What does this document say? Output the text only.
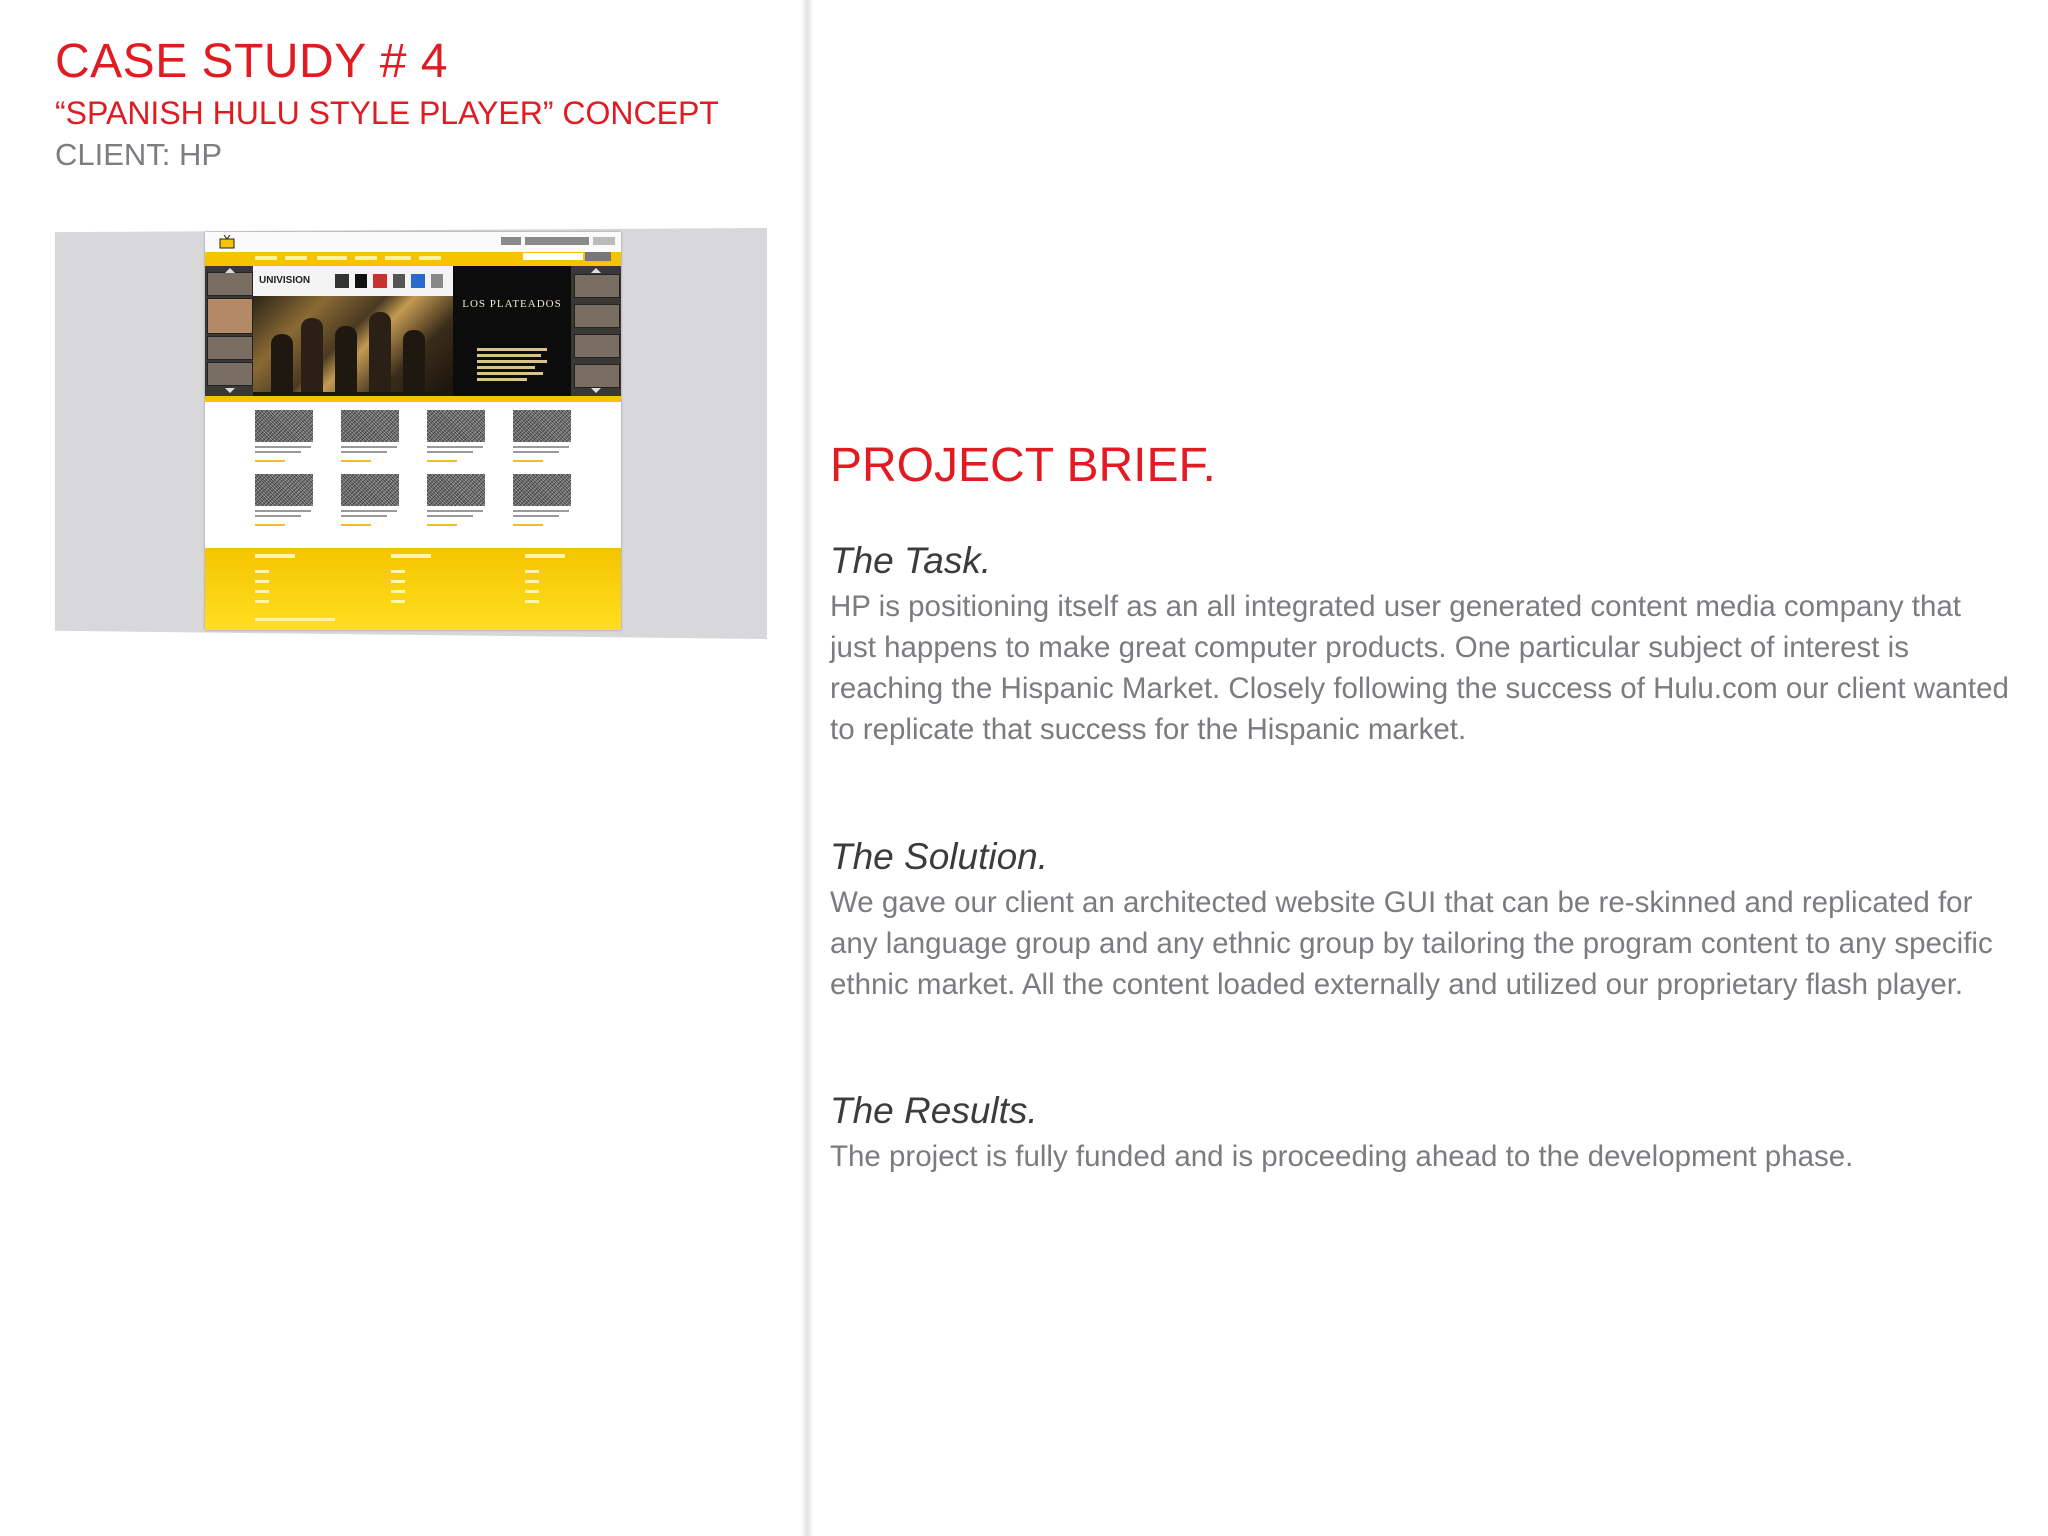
CASE STUDY # 4
“SPANISH HULU STYLE PLAYER” CONCEPT
CLIENT: HP
UNIVISION
LOS PLATEADOS
PROJECT BRIEF.
The Task.
HP is positioning itself as an all integrated user generated content media company that just happens to make great computer products. One particular subject of interest is reaching the Hispanic Market. Closely following the success of Hulu.com our client wanted to replicate that success for the Hispanic market.
The Solution.
We gave our client an architected website GUI that can be re-skinned and replicated for any language group and any ethnic group by tailoring the program content to any specific ethnic market. All the content loaded externally and utilized our proprietary flash player.
The Results.
The project is fully funded and is proceeding ahead to the development phase.
